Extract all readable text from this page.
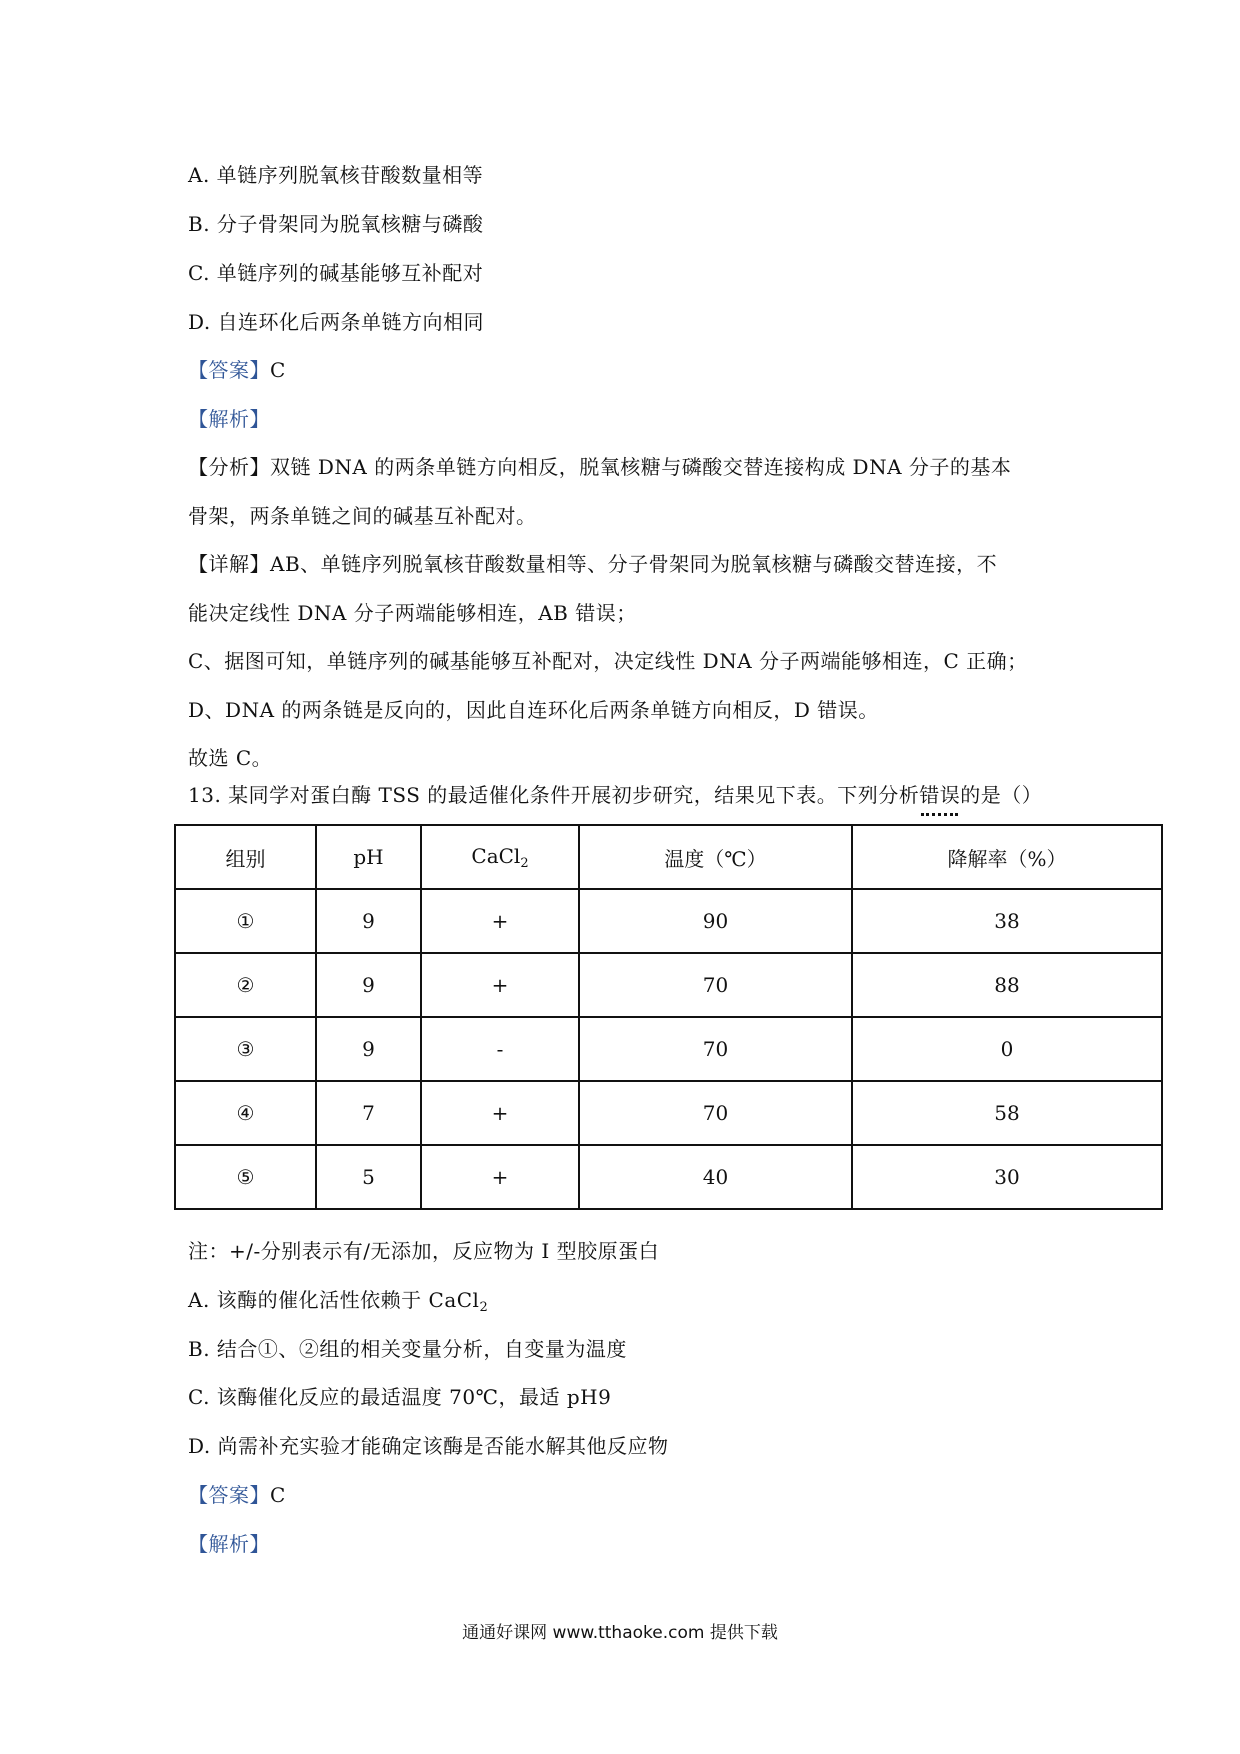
A. 单链序列脱氧核苷酸数量相等

B. 分子骨架同为脱氧核糖与磷酸

C. 单链序列的碱基能够互补配对

D. 自连环化后两条单链方向相同

【答案】C

【解析】

【分析】双链 DNA 的两条单链方向相反，脱氧核糖与磷酸交替连接构成 DNA 分子的基本

骨架，两条单链之间的碱基互补配对。

【详解】AB、单链序列脱氧核苷酸数量相等、分子骨架同为脱氧核糖与磷酸交替连接，不

能决定线性 DNA 分子两端能够相连，AB 错误；

C、据图可知，单链序列的碱基能够互补配对，决定线性 DNA 分子两端能够相连，C 正确；

D、DNA 的两条链是反向的，因此自连环化后两条单链方向相反，D 错误。

故选 C。

13. 某同学对蛋白酶 TSS 的最适催化条件开展初步研究，结果见下表。下列分析错误的是（）

组别	pH	CaCl$_2$	温度（℃）	降解率（%）
①	9	+	90	38
②	9	+	70	88
③	9	-	70	0
④	7	+	70	58
⑤	5	+	40	30

注：+/-分别表示有/无添加，反应物为 I 型胶原蛋白

A. 该酶的催化活性依赖于 CaCl$_2$

B. 结合①、②组的相关变量分析，自变量为温度

C. 该酶催化反应的最适温度 70℃，最适 pH9

D. 尚需补充实验才能确定该酶是否能水解其他反应物

【答案】C

【解析】

通通好课网 www.tthaoke.com 提供下载
